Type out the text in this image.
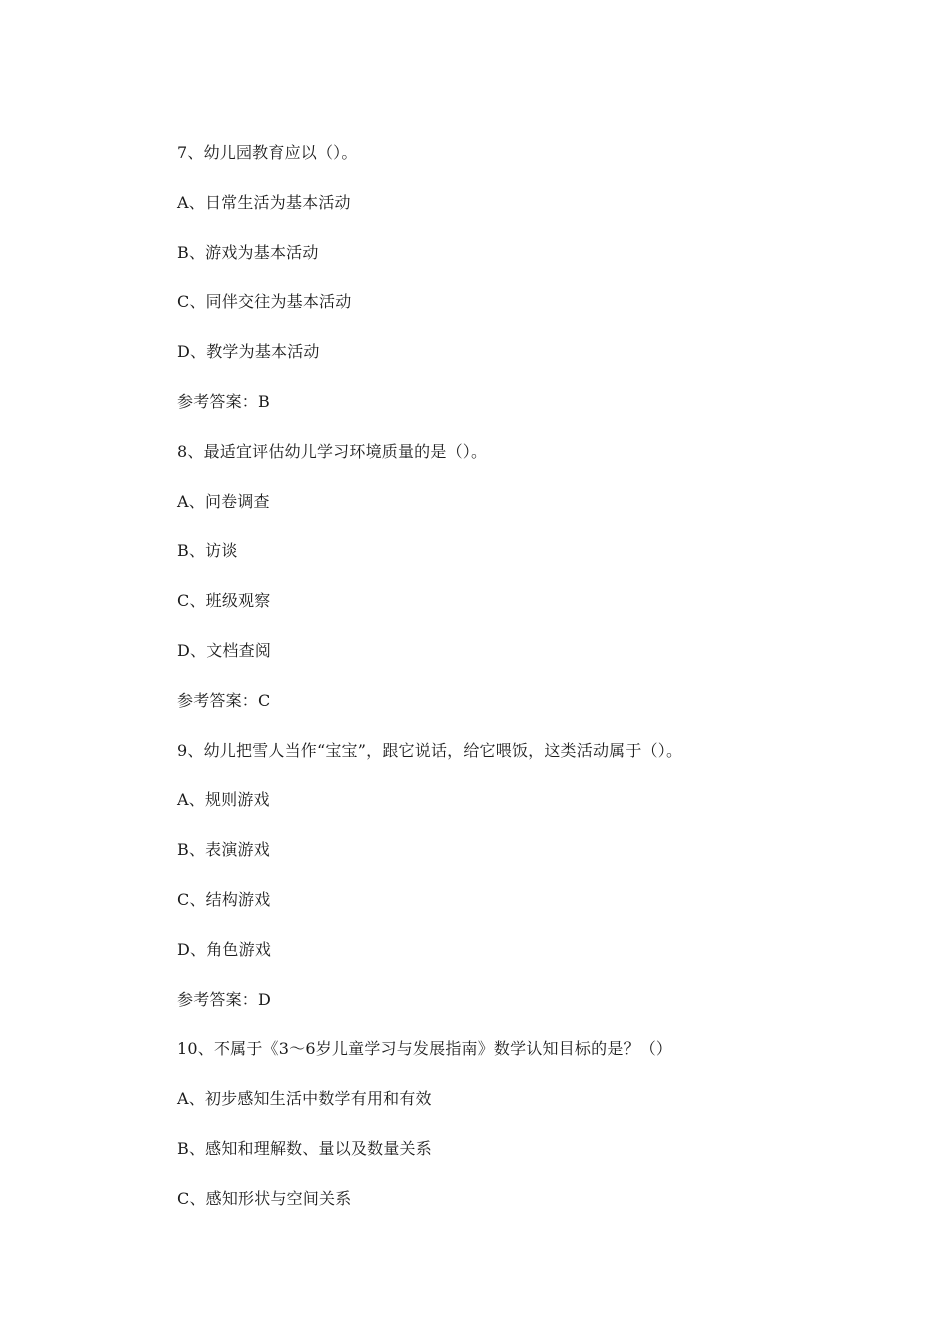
7、幼儿园教育应以（）。
A、日常生活为基本活动
B、游戏为基本活动
C、同伴交往为基本活动
D、教学为基本活动
参考答案：B
8、最适宜评估幼儿学习环境质量的是（）。
A、问卷调查
B、访谈
C、班级观察
D、文档查阅
参考答案：C
9、幼儿把雪人当作“宝宝”，跟它说话，给它喂饭，这类活动属于（）。
A、规则游戏
B、表演游戏
C、结构游戏
D、角色游戏
参考答案：D
10、不属于《3～6岁儿童学习与发展指南》数学认知目标的是？（）
A、初步感知生活中数学有用和有效
B、感知和理解数、量以及数量关系
C、感知形状与空间关系
